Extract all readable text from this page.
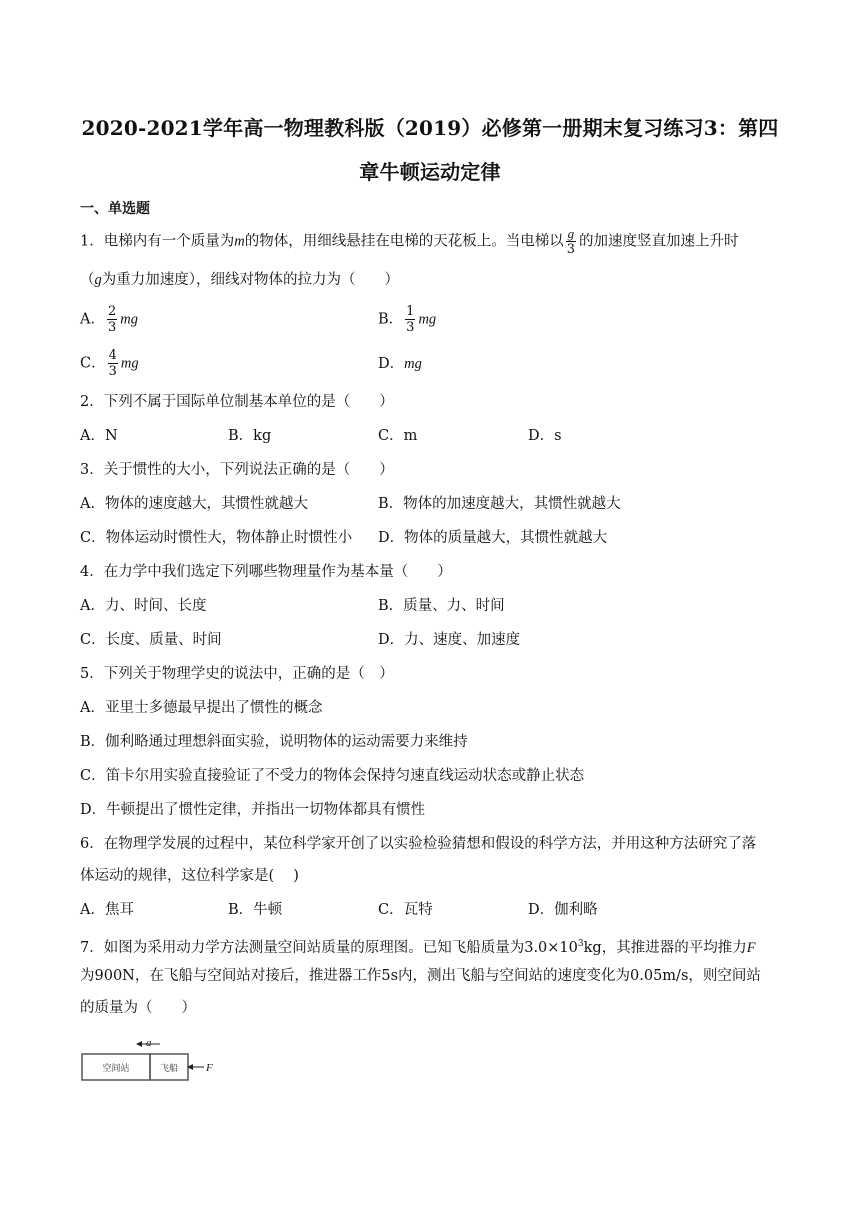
2020-2021学年高一物理教科版（2019）必修第一册期末复习练习3：第四
章牛顿运动定律
一、单选题
1．电梯内有一个质量为m的物体，用细线悬挂在电梯的天花板上。当电梯以 $\frac{g}{3}$ 的加速度竖直加速上升时
（g为重力加速度），细线对物体的拉力为（　　）
A． $\frac{2}{3}$ mg	B． $\frac{1}{3}$ mg
C． $\frac{4}{3}$ mg	D．mg
2．下列不属于国际单位制基本单位的是（　　）
A．N	B．kg	C．m	D．s
3．关于惯性的大小，下列说法正确的是（　　）
A．物体的速度越大，其惯性就越大	B．物体的加速度越大，其惯性就越大
C．物体运动时惯性大，物体静止时惯性小 D．物体的质量越大，其惯性就越大
4．在力学中我们选定下列哪些物理量作为基本量（　　）
A．力、时间、长度	B．质量、力、时间
C．长度、质量、时间	D．力、速度、加速度
5．下列关于物理学史的说法中，正确的是（　）
A．亚里士多德最早提出了惯性的概念
B．伽利略通过理想斜面实验，说明物体的运动需要力来维持
C．笛卡尔用实验直接验证了不受力的物体会保持匀速直线运动状态或静止状态
D．牛顿提出了惯性定律，并指出一切物体都具有惯性
6．在物理学发展的过程中，某位科学家开创了以实验检验猜想和假设的科学方法，并用这种方法研究了落
体运动的规律，这位科学家是(　 )
A．焦耳	B．牛顿	C．瓦特	D．伽利略
7．如图为采用动力学方法测量空间站质量的原理图。已知飞船质量为$3.0\times 10^3kg$，其推进器的平均推力F
为900N，在飞船与空间站对接后，推进器工作5s内，测出飞船与空间站的速度变化为0.05m/s，则空间站
的质量为（　　）
a
空间站	飞船	F
